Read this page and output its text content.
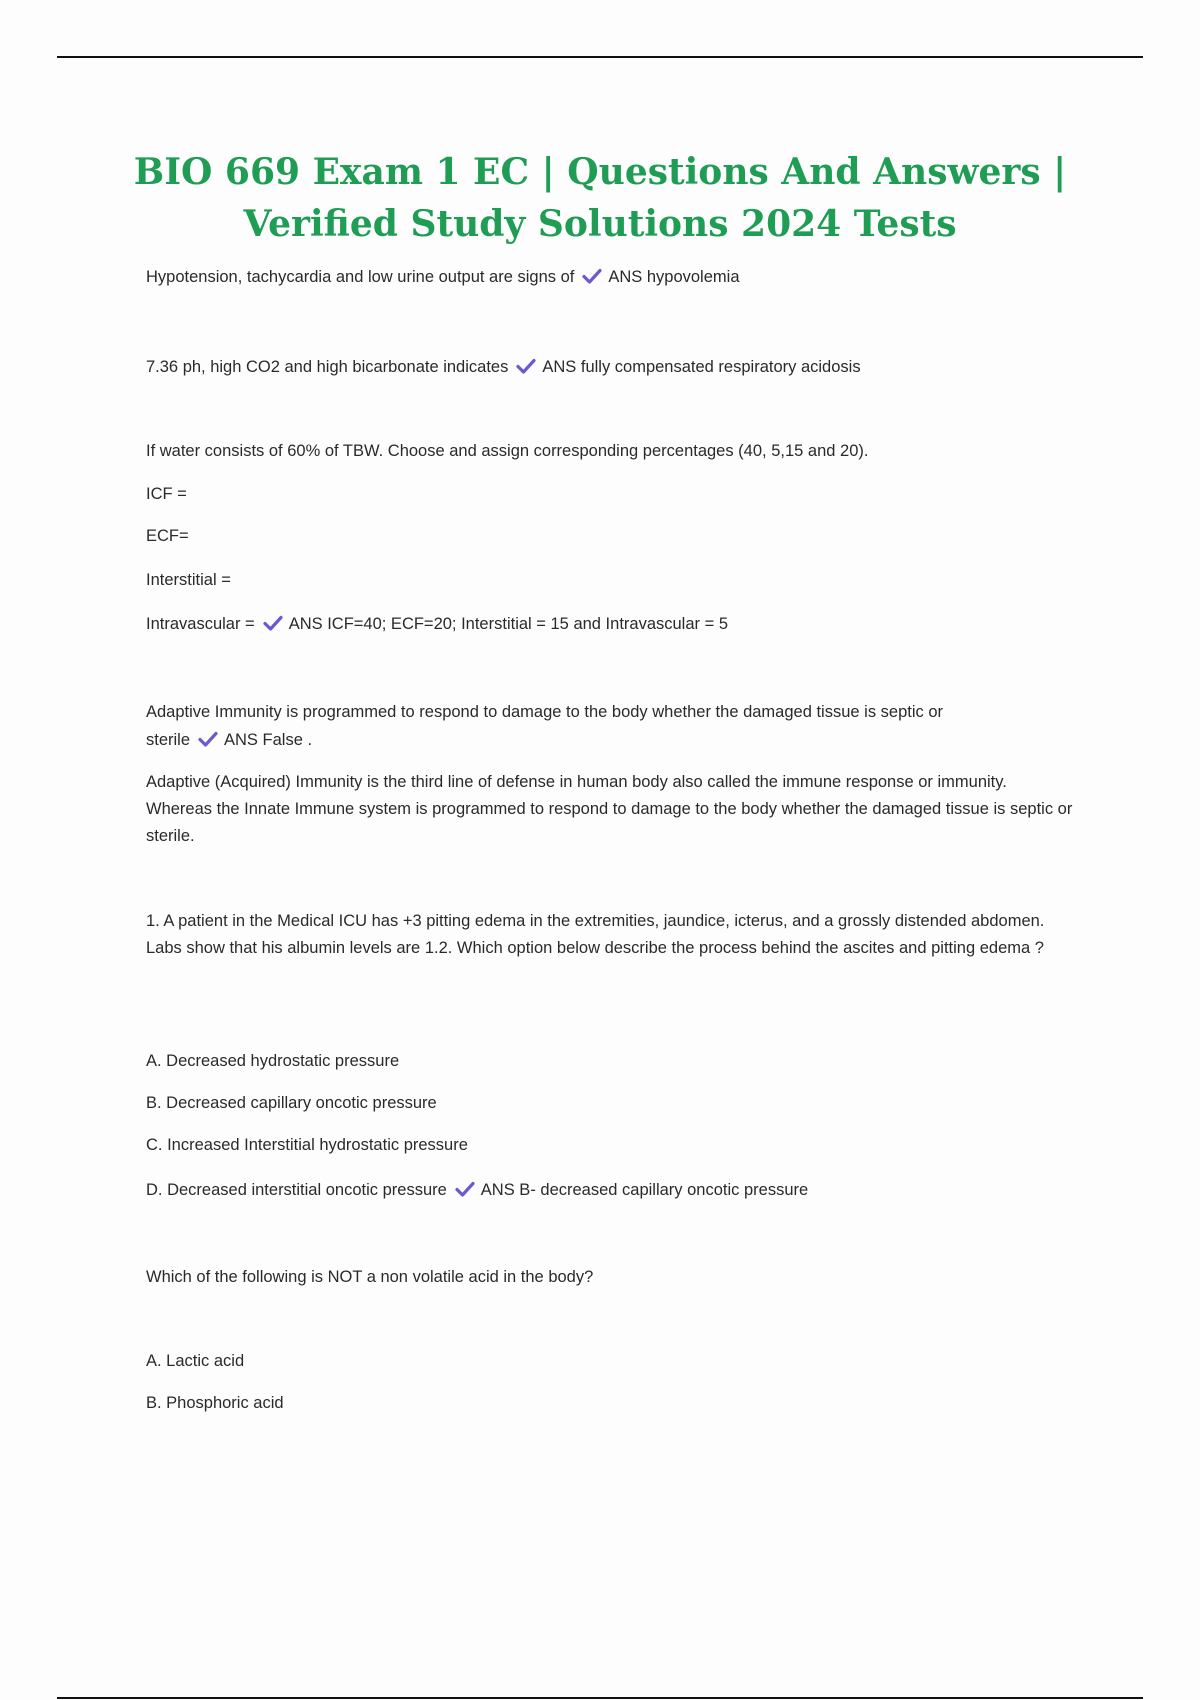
BIO 669 Exam 1 EC | Questions And Answers | Verified Study Solutions 2024 Tests

Hypotension, tachycardia and low urine output are signs of ANS hypovolemia

7.36 ph, high CO2 and high bicarbonate indicates ANS fully compensated respiratory acidosis

If water consists of 60% of TBW. Choose and assign corresponding percentages (40, 5,15 and 20).

ICF =

ECF=

Interstitial =

Intravascular = ANS ICF=40; ECF=20; Interstitial = 15 and Intravascular = 5

Adaptive Immunity is programmed to respond to damage to the body whether the damaged tissue is septic or

sterile ANS False .

Adaptive (Acquired) Immunity is the third line of defense in human body also called the immune response or immunity. Whereas the Innate Immune system is programmed to respond to damage to the body whether the damaged tissue is septic or sterile.

1. A patient in the Medical ICU has +3 pitting edema in the extremities, jaundice, icterus, and a grossly distended abdomen. Labs show that his albumin levels are 1.2. Which option below describe the process behind the ascites and pitting edema ?

A. Decreased hydrostatic pressure

B. Decreased capillary oncotic pressure

C. Increased Interstitial hydrostatic pressure

D. Decreased interstitial oncotic pressure ANS B- decreased capillary oncotic pressure

Which of the following is NOT a non volatile acid in the body?

A. Lactic acid

B. Phosphoric acid
